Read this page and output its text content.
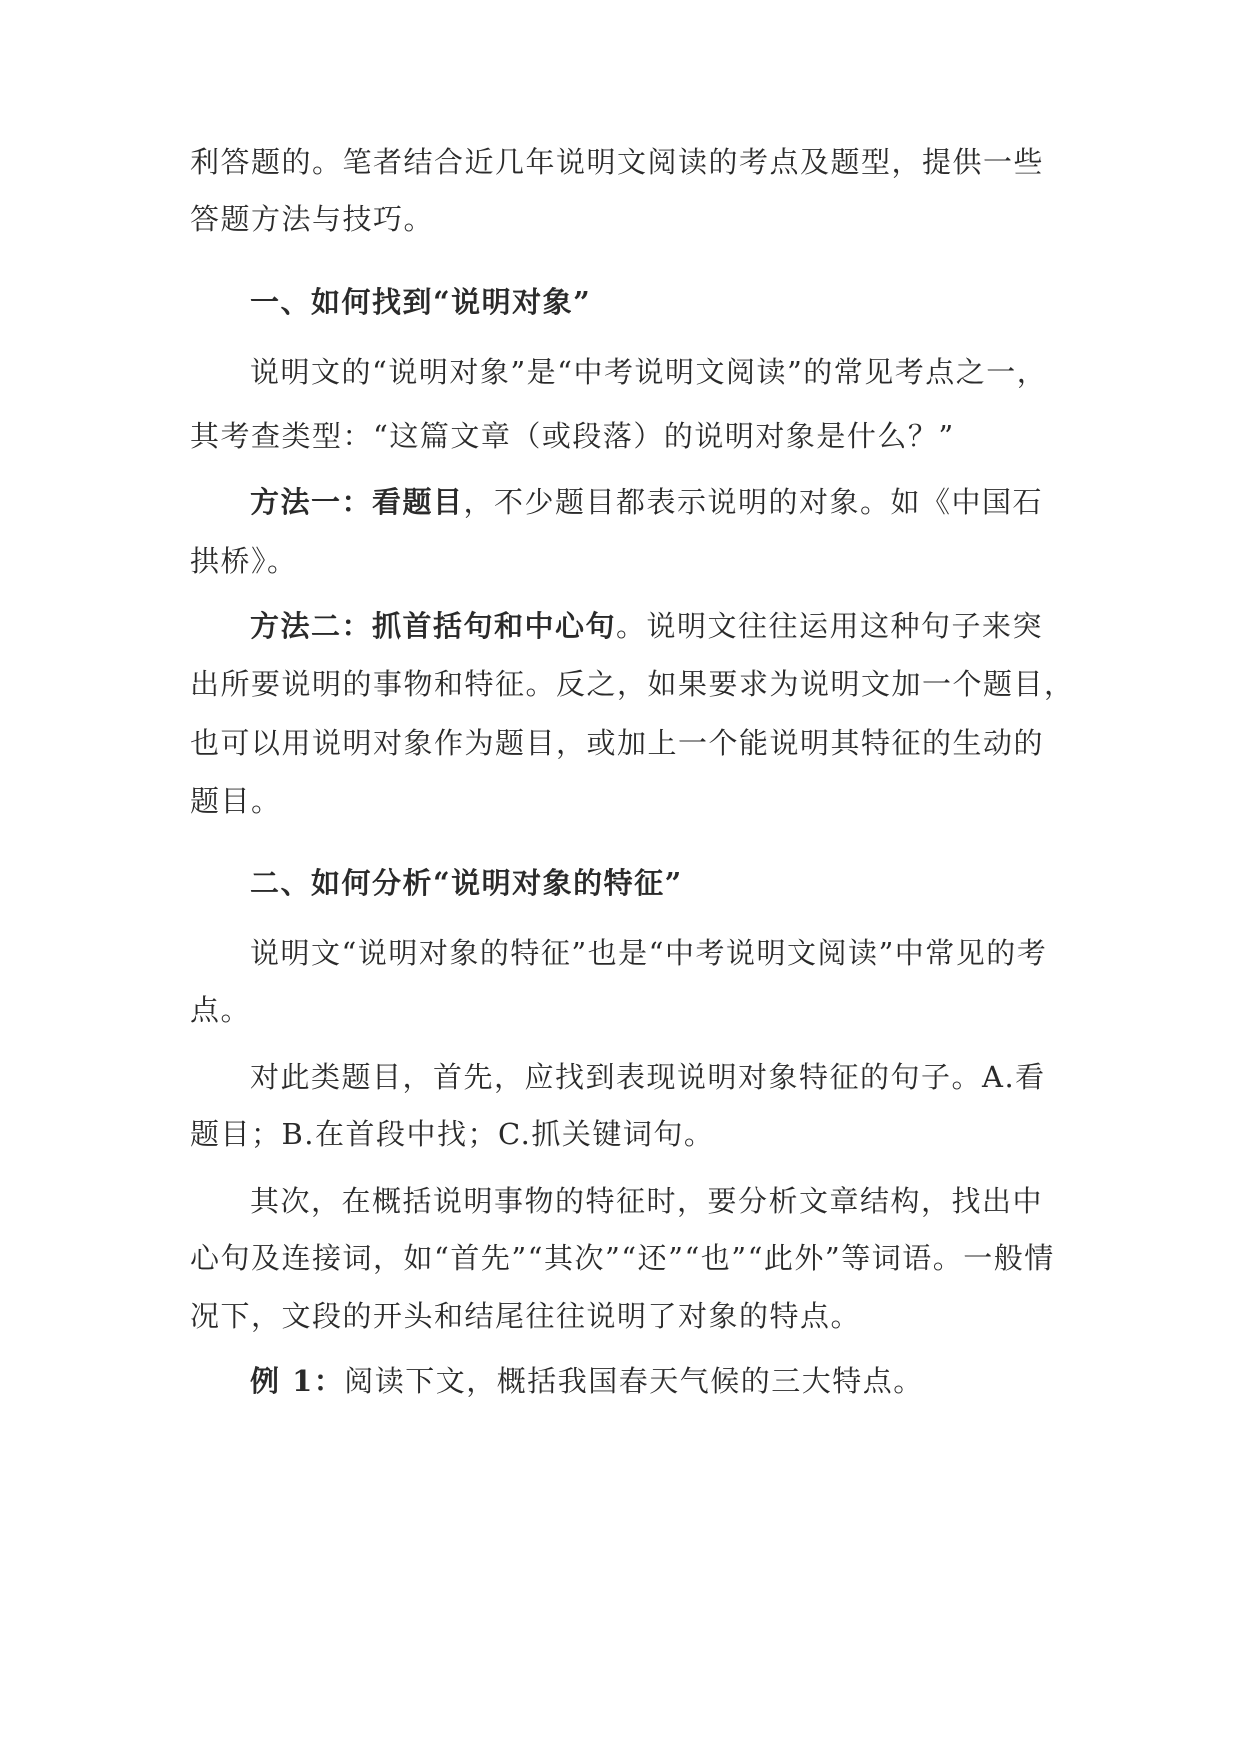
利答题的。笔者结合近几年说明文阅读的考点及题型，提供一些
答题方法与技巧。
一、如何找到“说明对象”
说明文的“说明对象”是“中考说明文阅读”的常见考点之一，
其考查类型：“这篇文章（或段落）的说明对象是什么？”
方法一：看题目，不少题目都表示说明的对象。如《中国石
拱桥》。
方法二：抓首括句和中心句。说明文往往运用这种句子来突
出所要说明的事物和特征。反之，如果要求为说明文加一个题目，
也可以用说明对象作为题目，或加上一个能说明其特征的生动的
题目。
二、如何分析“说明对象的特征”
说明文“说明对象的特征”也是“中考说明文阅读”中常见的考
点。
对此类题目，首先，应找到表现说明对象特征的句子。A.看
题目；B.在首段中找；C.抓关键词句。
其次，在概括说明事物的特征时，要分析文章结构，找出中
心句及连接词，如“首先”“其次”“还”“也”“此外”等词语。一般情
况下，文段的开头和结尾往往说明了对象的特点。
例 1：阅读下文，概括我国春天气候的三大特点。
